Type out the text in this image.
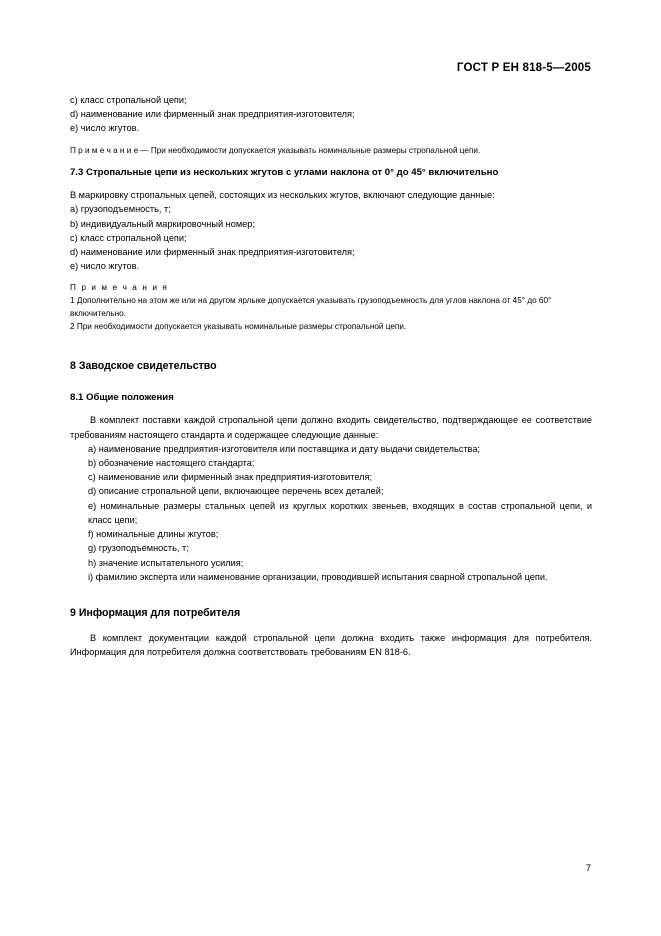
ГОСТ Р ЕН 818-5—2005
c) класс стропальной цепи;
d) наименование или фирменный знак предприятия-изготовителя;
e) число жгутов.
П р и м е ч а н и е — При необходимости допускается указывать номинальные размеры стропальной цепи.
7.3 Стропальные цепи из нескольких жгутов с углами наклона от 0° до 45° включительно
В маркировку стропальных цепей, состоящих из нескольких жгутов, включают следующие данные:
a) грузоподъемность, т;
b) индивидуальный маркировочный номер;
c) класс стропальной цепи;
d) наименование или фирменный знак предприятия-изготовителя;
e) число жгутов.
П р и м е ч а н и я
1 Дополнительно на этом же или на другом ярлыке допускается указывать грузоподъемность для углов наклона от 45° до 60° включительно.
2 При необходимости допускается указывать номинальные размеры стропальной цепи.
8 Заводское свидетельство
8.1 Общие положения
В комплект поставки каждой стропальной цепи должно входить свидетельство, подтверждающее ее соответствие требованиям настоящего стандарта и содержащее следующие данные:
a) наименование предприятия-изготовителя или поставщика и дату выдачи свидетельства;
b) обозначение настоящего стандарта;
c) наименование или фирменный знак предприятия-изготовителя;
d) описание стропальной цепи, включающее перечень всех деталей;
e) номинальные размеры стальных цепей из круглых коротких звеньев, входящих в состав стропальной цепи, и класс цепи;
f) номинальные длины жгутов;
g) грузоподъемность, т;
h) значение испытательного усилия;
i) фамилию эксперта или наименование организации, проводившей испытания сварной стропальной цепи.
9 Информация для потребителя
В комплект документации каждой стропальной цепи должна входить также информация для потребителя. Информация для потребителя должна соответствовать требованиям EN 818-6.
7
